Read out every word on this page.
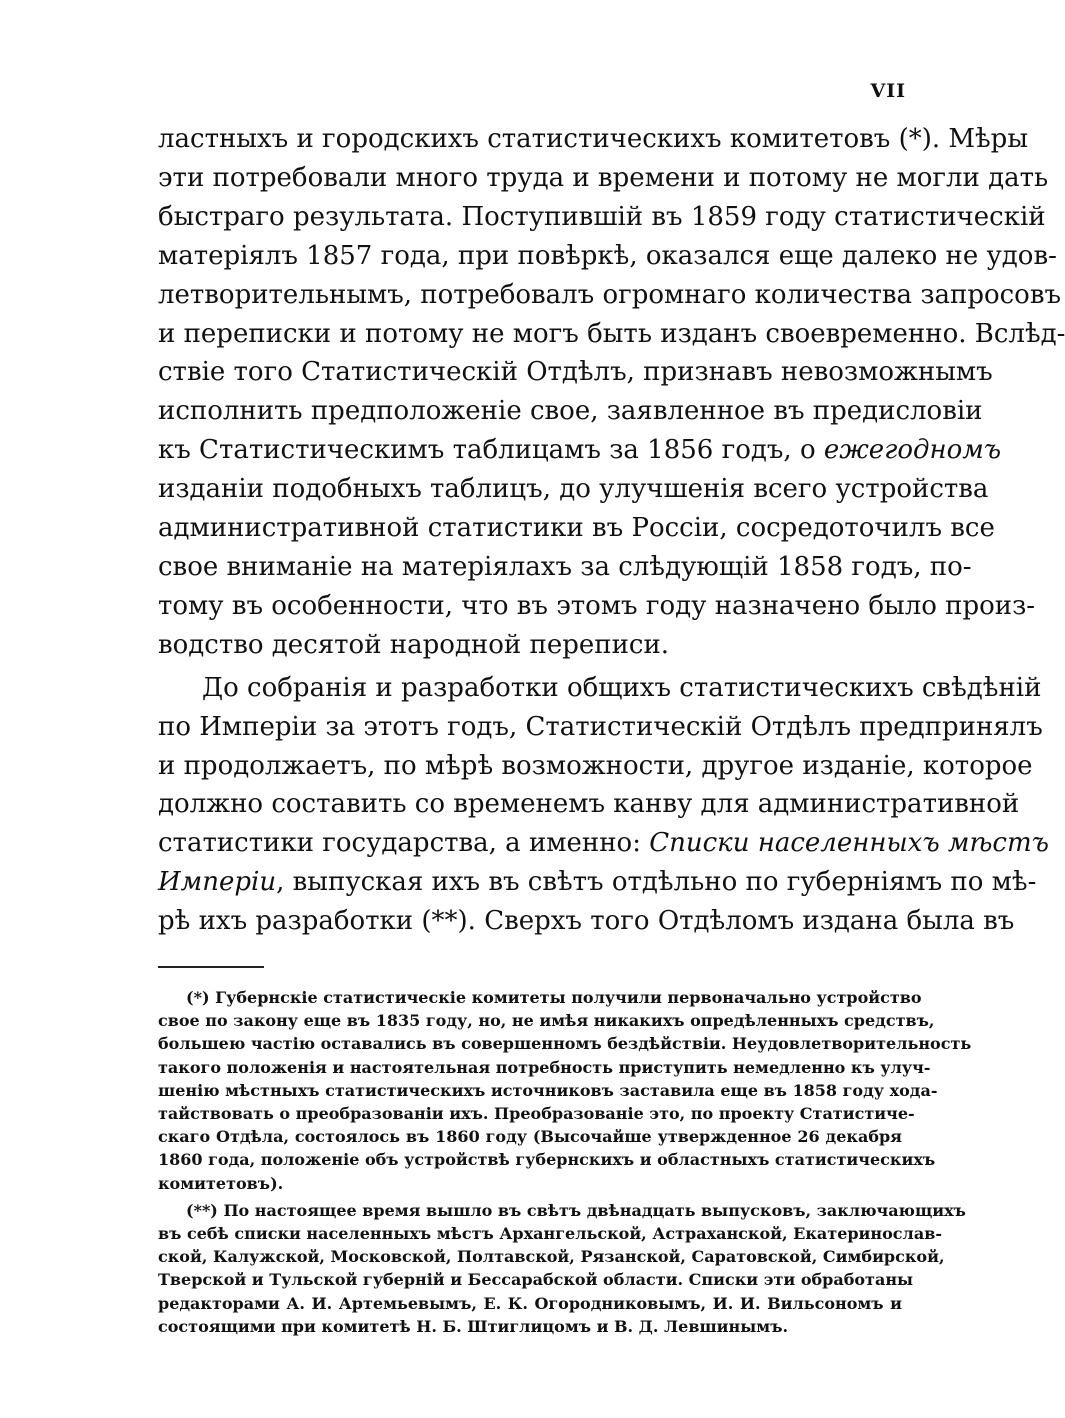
VII

ластныхъ и городскихъ статистическихъ комитетовъ (*). Мѣры
эти потребовали много труда и времени и потому не могли дать
быстраго результата. Поступившій въ 1859 году статистическій
матеріялъ 1857 года, при повѣркѣ, оказался еще далеко не удов-
летворительнымъ, потребовалъ огромнаго количества запросовъ
и переписки и потому не могъ быть изданъ своевременно. Вслѣд-
ствіе того Статистическій Отдѣлъ, признавъ невозможнымъ
исполнить предположеніе свое, заявленное въ предисловіи
къ Статистическимъ таблицамъ за 1856 годъ, о ежегодномъ
изданіи подобныхъ таблицъ, до улучшенія всего устройства
административной статистики въ Россіи, сосредоточилъ все
свое вниманіе на матеріялахъ за слѣдующій 1858 годъ, по-
тому въ особенности, что въ этомъ году назначено было произ-
водство десятой народной переписи.

До собранія и разработки общихъ статистическихъ свѣдѣній
по Имперіи за этотъ годъ, Статистическій Отдѣлъ предпринялъ
и продолжаетъ, по мѣрѣ возможности, другое изданіе, которое
должно составить со временемъ канву для административной
статистики государства, а именно: Списки населенныхъ мѣстъ
Имперіи, выпуская ихъ въ свѣтъ отдѣльно по губерніямъ по мѣ-
рѣ ихъ разработки (**). Сверхъ того Отдѣломъ издана была въ

(*) Губернскіе статистическіе комитеты получили первоначально устройство
свое по закону еще въ 1835 году, но, не имѣя никакихъ опредѣленныхъ средствъ,
большею частію оставались въ совершенномъ бездѣйствіи. Неудовлетворительность
такого положенія и настоятельная потребность приступить немедленно къ улуч-
шенію мѣстныхъ статистическихъ источниковъ заставила еще въ 1858 году хода-
тайствовать о преобразованіи ихъ. Преобразованіе это, по проекту Статистиче-
скаго Отдѣла, состоялось въ 1860 году (Высочайше утвержденное 26 декабря
1860 года, положеніе объ устройствѣ губернскихъ и областныхъ статистическихъ
комитетовъ).

(**) По настоящее время вышло въ свѣтъ двѣнадцать выпусковъ, заключающихъ
въ себѣ списки населенныхъ мѣстъ Архангельской, Астраханской, Екатеринослав-
ской, Калужской, Московской, Полтавской, Рязанской, Саратовской, Симбирской,
Тверской и Тульской губерній и Бессарабской области. Списки эти обработаны
редакторами А. И. Артемьевымъ, Е. К. Огородниковымъ, И. И. Вильсономъ и
состоящими при комитетѣ Н. Б. Штиглицомъ и В. Д. Левшинымъ.
